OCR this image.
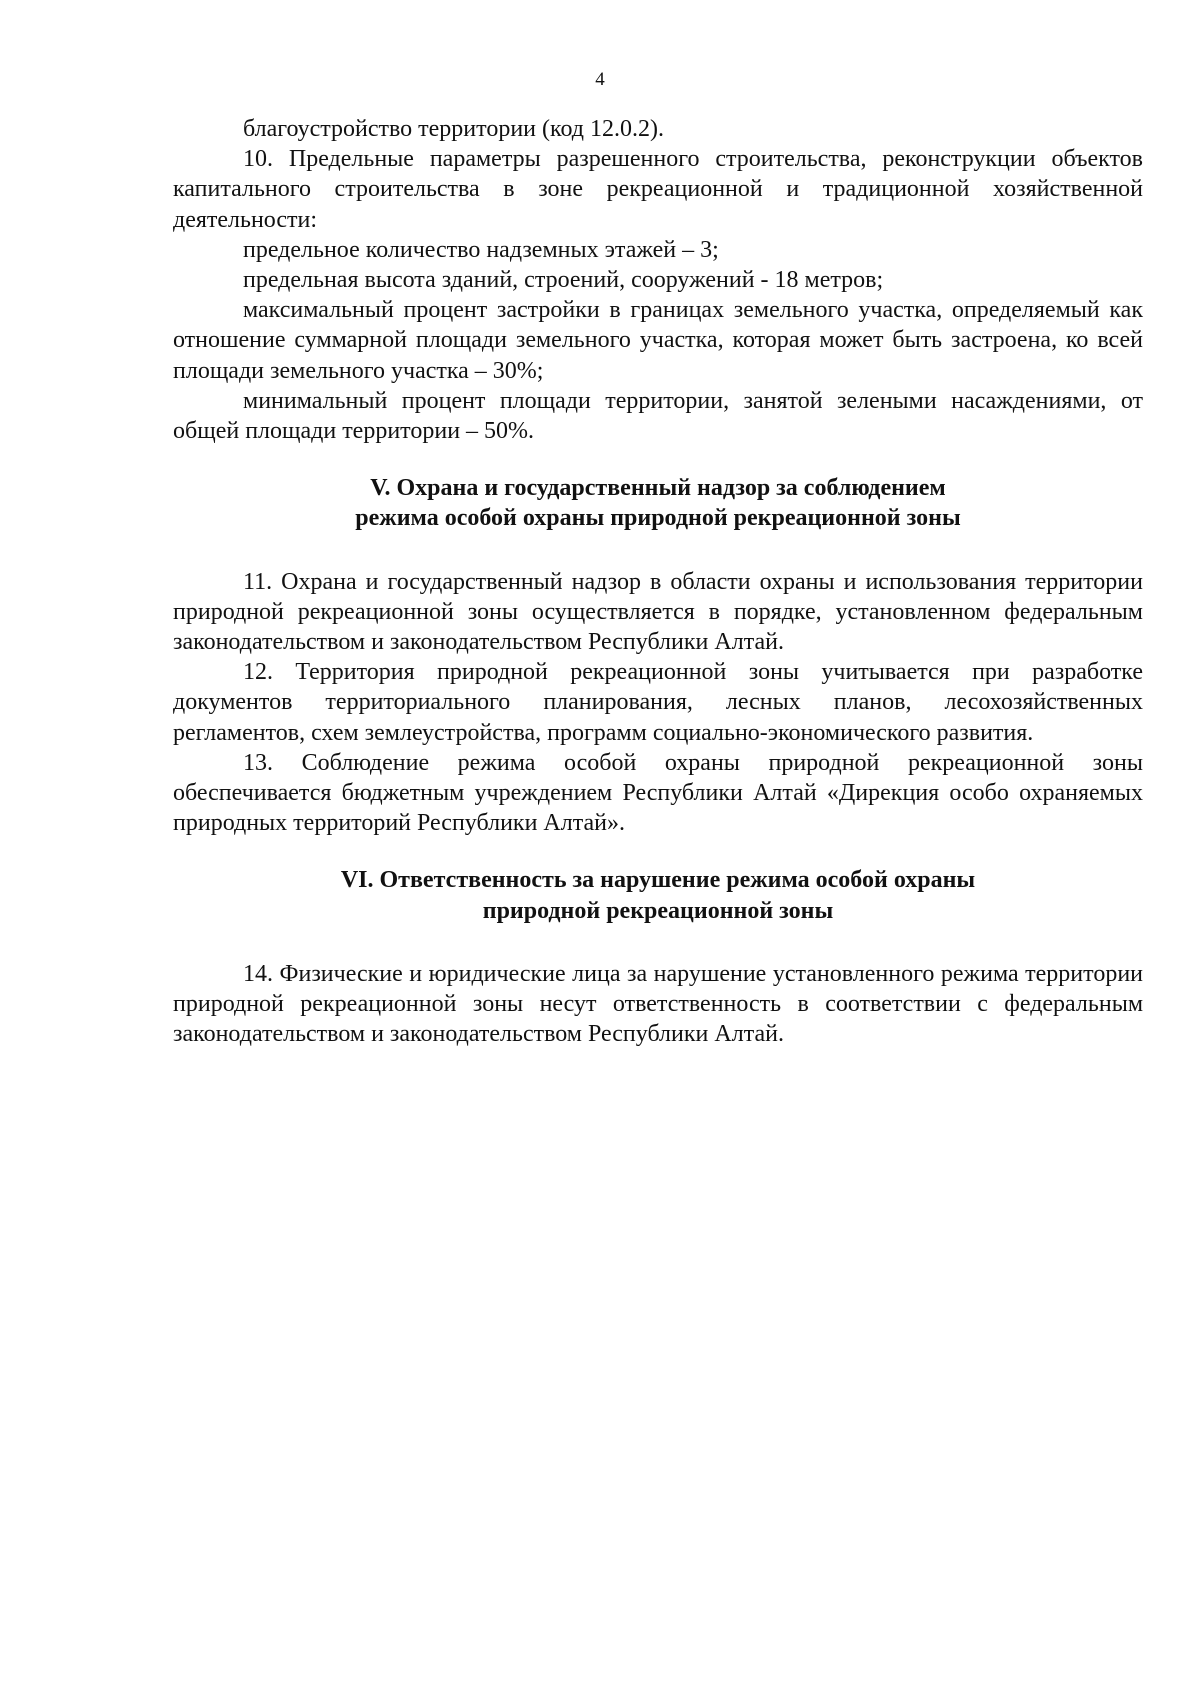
4

благоустройство территории (код 12.0.2).

10. Предельные параметры разрешенного строительства, реконструкции объектов капитального строительства в зоне рекреационной и традиционной хозяйственной деятельности:

предельное количество надземных этажей – 3;

предельная высота зданий, строений, сооружений - 18 метров;

максимальный процент застройки в границах земельного участка, определяемый как отношение суммарной площади земельного участка, которая может быть застроена, ко всей площади земельного участка – 30%;

минимальный процент площади территории, занятой зелеными насаждениями, от общей площади территории – 50%.

V. Охрана и государственный надзор за соблюдением
режима особой охраны природной рекреационной зоны

11. Охрана и государственный надзор в области охраны и использования территории природной рекреационной зоны осуществляется в порядке, установленном федеральным законодательством и законодательством Республики Алтай.

12. Территория природной рекреационной зоны учитывается при разработке документов территориального планирования, лесных планов, лесохозяйственных регламентов, схем землеустройства, программ социально-экономического развития.

13. Соблюдение режима особой охраны природной рекреационной зоны обеспечивается бюджетным учреждением Республики Алтай «Дирекция особо охраняемых природных территорий Республики Алтай».

VI. Ответственность за нарушение режима особой охраны
природной рекреационной зоны

14. Физические и юридические лица за нарушение установленного режима территории природной рекреационной зоны несут ответственность в соответствии с федеральным законодательством и законодательством Республики Алтай.
